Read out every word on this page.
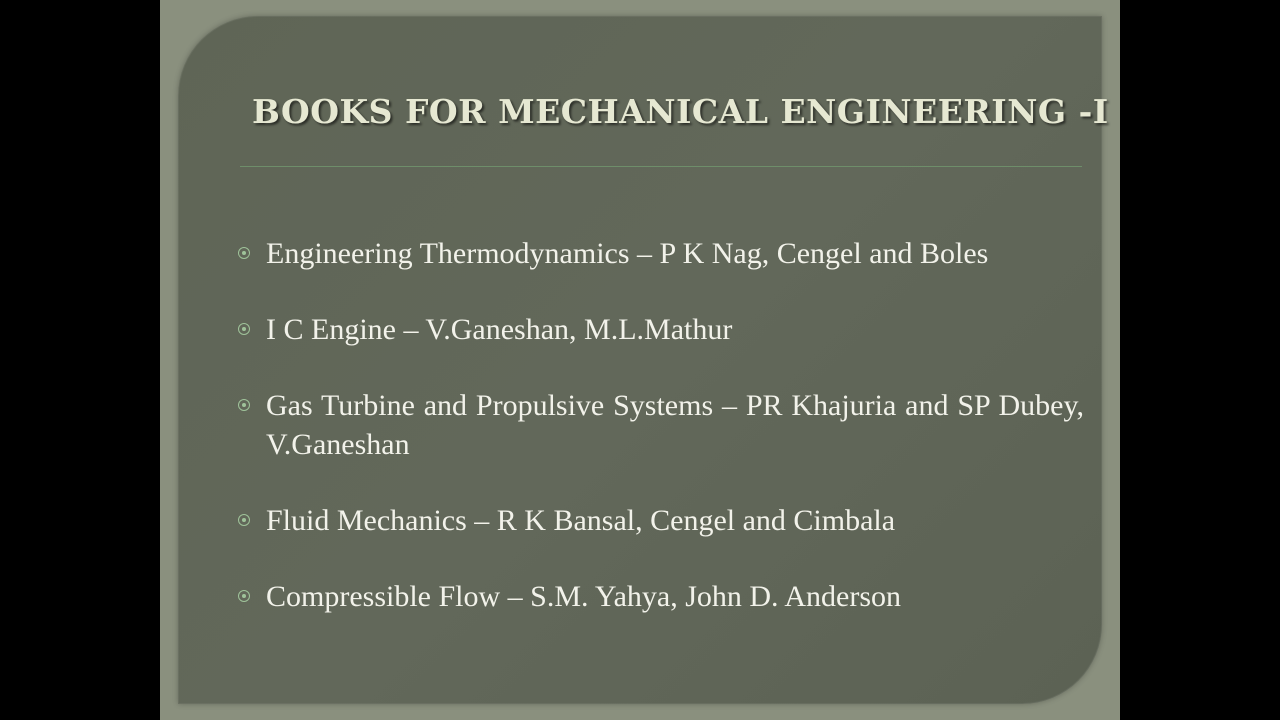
BOOKS FOR MECHANICAL ENGINEERING -I
Engineering Thermodynamics – P K Nag, Cengel and Boles
I C Engine – V.Ganeshan, M.L.Mathur
Gas Turbine and Propulsive Systems – PR Khajuria and SP Dubey, V.Ganeshan
Fluid Mechanics – R K Bansal, Cengel and Cimbala
Compressible Flow – S.M. Yahya, John D. Anderson
